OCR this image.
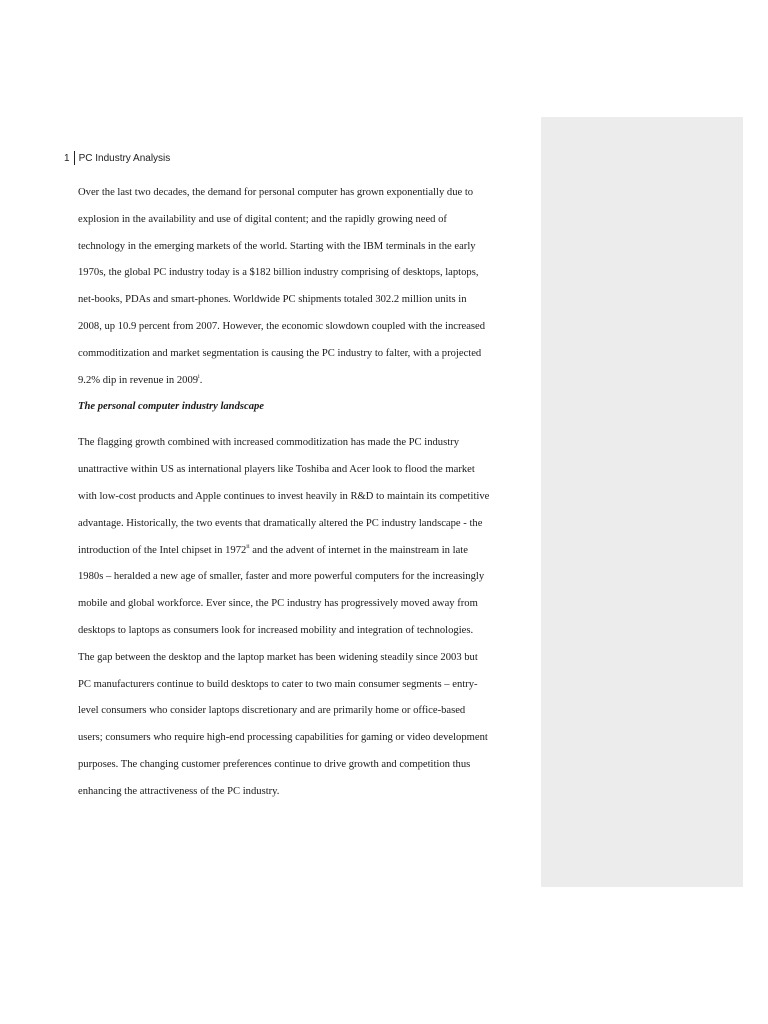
1 PC Industry Analysis
Over the last two decades, the demand for personal computer has grown exponentially due to
explosion in the availability and use of digital content; and the rapidly growing need of
technology in the emerging markets of the world. Starting with the IBM terminals in the early
1970s, the global PC industry today is a $182 billion industry comprising of desktops, laptops,
net-books, PDAs and smart-phones. Worldwide PC shipments totaled 302.2 million units in
2008, up 10.9 percent from 2007. However, the economic slowdown coupled with the increased
commoditization and market segmentation is causing the PC industry to falter, with a projected
9.2% dip in revenue in 2009$^i$.
The personal computer industry landscape
The flagging growth combined with increased commoditization has made the PC industry
unattractive within US as international players like Toshiba and Acer look to flood the market
with low-cost products and Apple continues to invest heavily in R&D to maintain its competitive
advantage. Historically, the two events that dramatically altered the PC industry landscape - the
introduction of the Intel chipset in 1972$^{ii}$ and the advent of internet in the mainstream in late
1980s – heralded a new age of smaller, faster and more powerful computers for the increasingly
mobile and global workforce. Ever since, the PC industry has progressively moved away from
desktops to laptops as consumers look for increased mobility and integration of technologies.
The gap between the desktop and the laptop market has been widening steadily since 2003 but
PC manufacturers continue to build desktops to cater to two main consumer segments – entry-
level consumers who consider laptops discretionary and are primarily home or office-based
users; consumers who require high-end processing capabilities for gaming or video development
purposes. The changing customer preferences continue to drive growth and competition thus
enhancing the attractiveness of the PC industry.
